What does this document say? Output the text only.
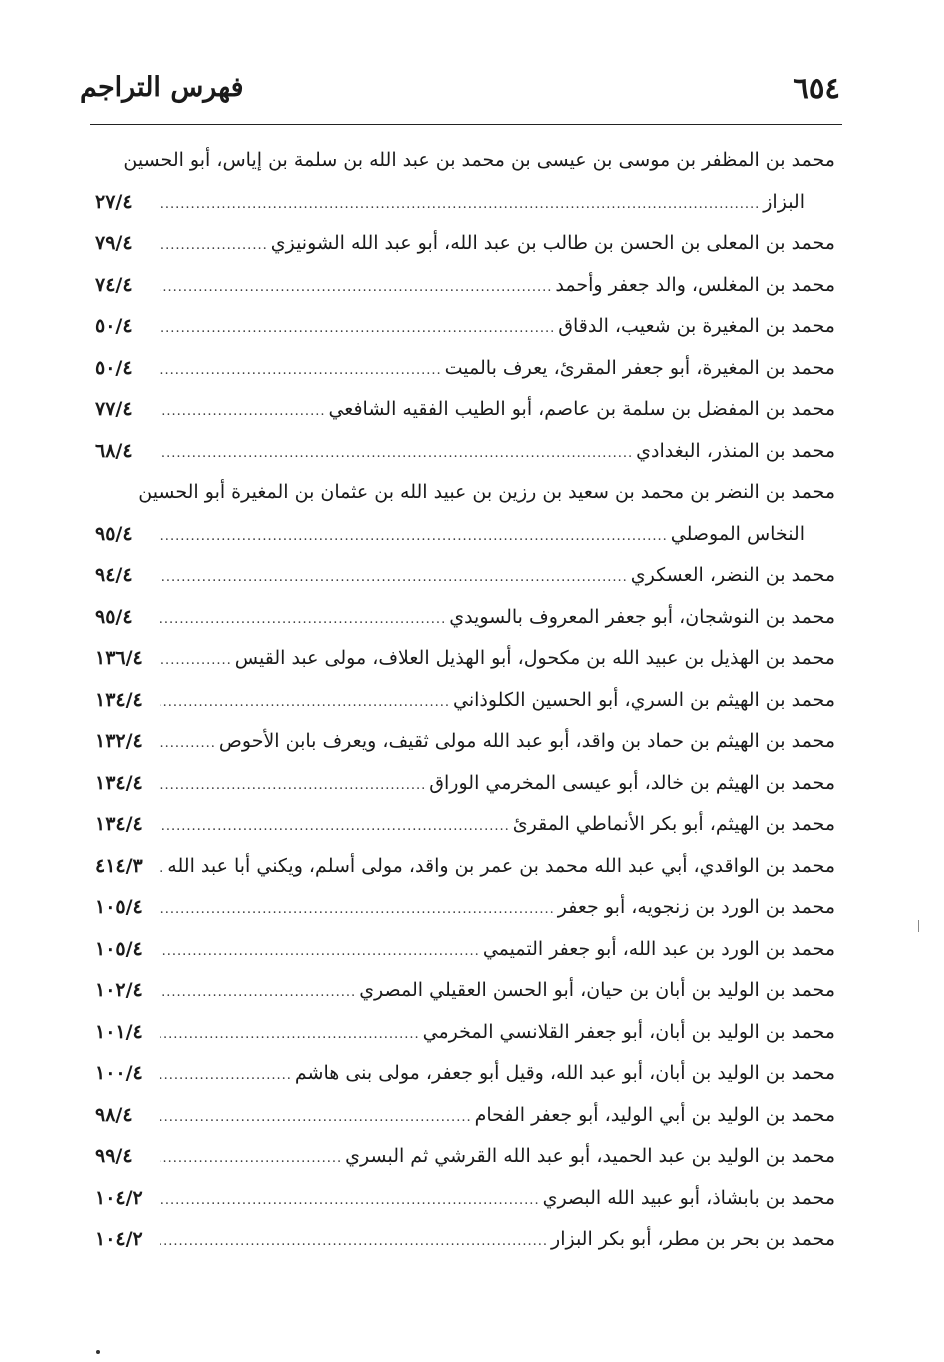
٦٥٤
فهرس التراجم
محمد بن المظفر بن موسى بن عيسى بن محمد بن عبد الله بن سلمة بن إياس، أبو الحسين
البزاز
.....
٢٧/٤
محمد بن المعلى بن الحسن بن طالب بن عبد الله، أبو عبد الله الشونيزي
.....
٧٩/٤
محمد بن المغلس، والد جعفر وأحمد
.....
٧٤/٤
محمد بن المغيرة بن شعيب، الدقاق
.....
٥٠/٤
محمد بن المغيرة، أبو جعفر المقرئ، يعرف بالميت
.....
٥٠/٤
محمد بن المفضل بن سلمة بن عاصم، أبو الطيب الفقيه الشافعي
.....
٧٧/٤
محمد بن المنذر، البغدادي
.....
٦٨/٤
محمد بن النضر بن محمد بن سعيد بن رزين بن عبيد الله بن عثمان بن المغيرة أبو الحسين
النخاس الموصلي
.....
٩٥/٤
محمد بن النضر، العسكري
.....
٩٤/٤
محمد بن النوشجان، أبو جعفر المعروف بالسويدي
.....
٩٥/٤
محمد بن الهذيل بن عبيد الله بن مكحول، أبو الهذيل العلاف، مولى عبد القيس
.....
١٣٦/٤
محمد بن الهيثم بن السري، أبو الحسين الكلوذاني
.....
١٣٤/٤
محمد بن الهيثم بن حماد بن واقد، أبو عبد الله مولى ثقيف، ويعرف بابن الأحوص
.....
١٣٢/٤
محمد بن الهيثم بن خالد، أبو عيسى المخرمي الوراق
.....
١٣٤/٤
محمد بن الهيثم، أبو بكر الأنماطي المقرئ
.....
١٣٤/٤
محمد بن الواقدي، أبي عبد الله محمد بن عمر بن واقد، مولى أسلم، ويكني أبا عبد الله
.....
٤١٤/٣
محمد بن الورد بن زنجويه، أبو جعفر
.....
١٠٥/٤
محمد بن الورد بن عبد الله، أبو جعفر التميمي
.....
١٠٥/٤
محمد بن الوليد بن أبان بن حيان، أبو الحسن العقيلي المصري
.....
١٠٢/٤
محمد بن الوليد بن أبان، أبو جعفر القلانسي المخرمي
.....
١٠١/٤
محمد بن الوليد بن أبان، أبو عبد الله، وقيل أبو جعفر، مولى بنى هاشم
.....
١٠٠/٤
محمد بن الوليد بن أبي الوليد، أبو جعفر الفحام
.....
٩٨/٤
محمد بن الوليد بن عبد الحميد، أبو عبد الله القرشي ثم البسري
.....
٩٩/٤
محمد بن بابشاذ، أبو عبيد الله البصري
.....
١٠٤/٢
محمد بن بحر بن مطر، أبو بكر البزار
.....
١٠٤/٢
